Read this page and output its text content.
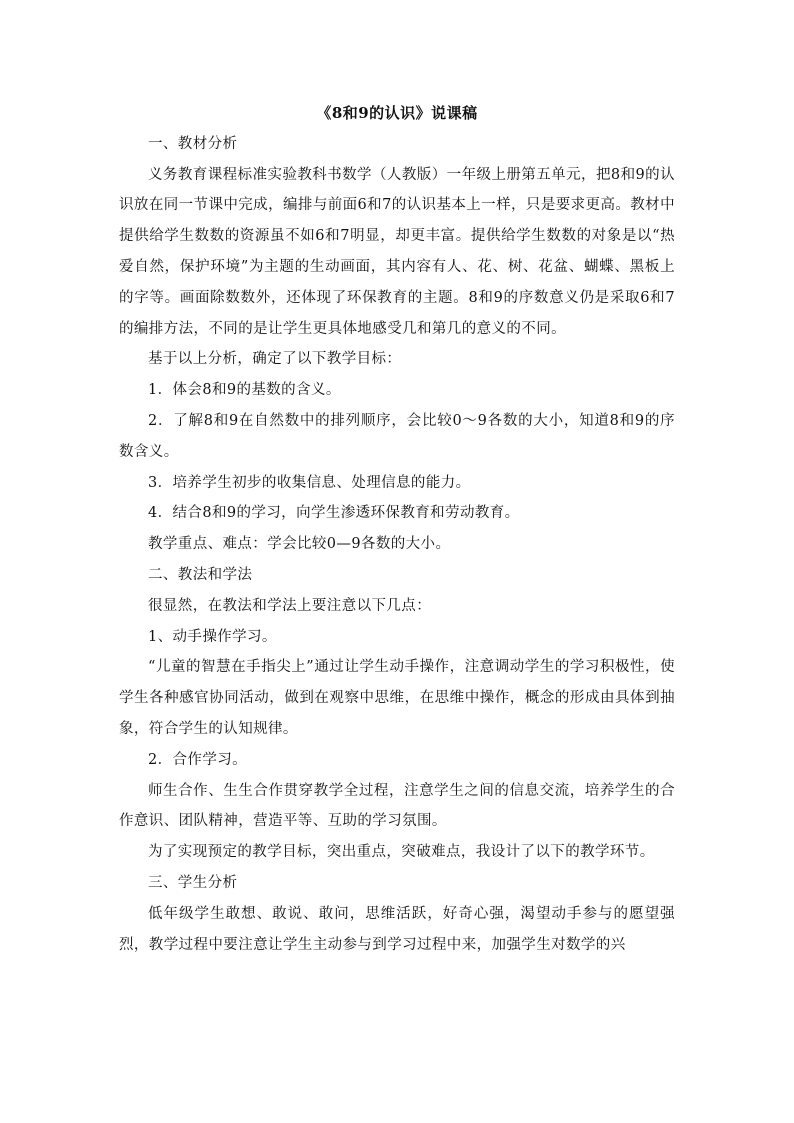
《8和9的认识》说课稿

一、教材分析

义务教育课程标准实验教科书数学（人教版）一年级上册第五单元，把8和9的认识放在同一节课中完成，编排与前面6和7的认识基本上一样，只是要求更高。教材中提供给学生数数的资源虽不如6和7明显，却更丰富。提供给学生数数的对象是以“热爱自然，保护环境”为主题的生动画面，其内容有人、花、树、花盆、蝴蝶、黑板上的字等。画面除数数外，还体现了环保教育的主题。8和9的序数意义仍是采取6和7的编排方法，不同的是让学生更具体地感受几和第几的意义的不同。

基于以上分析，确定了以下教学目标：

1．体会8和9的基数的含义。

2．了解8和9在自然数中的排列顺序，会比较0～9各数的大小，知道8和9的序数含义。

3．培养学生初步的收集信息、处理信息的能力。

4．结合8和9的学习，向学生渗透环保教育和劳动教育。

教学重点、难点：学会比较0—9各数的大小。

二、教法和学法

很显然，在教法和学法上要注意以下几点：

1、动手操作学习。

“儿童的智慧在手指尖上”通过让学生动手操作，注意调动学生的学习积极性，使学生各种感官协同活动，做到在观察中思维，在思维中操作，概念的形成由具体到抽象，符合学生的认知规律。

2．合作学习。

师生合作、生生合作贯穿教学全过程，注意学生之间的信息交流，培养学生的合作意识、团队精神，营造平等、互助的学习氛围。

为了实现预定的教学目标，突出重点，突破难点，我设计了以下的教学环节。

三、学生分析

低年级学生敢想、敢说、敢问，思维活跃，好奇心强，渴望动手参与的愿望强烈，教学过程中要注意让学生主动参与到学习过程中来，加强学生对数学的兴
